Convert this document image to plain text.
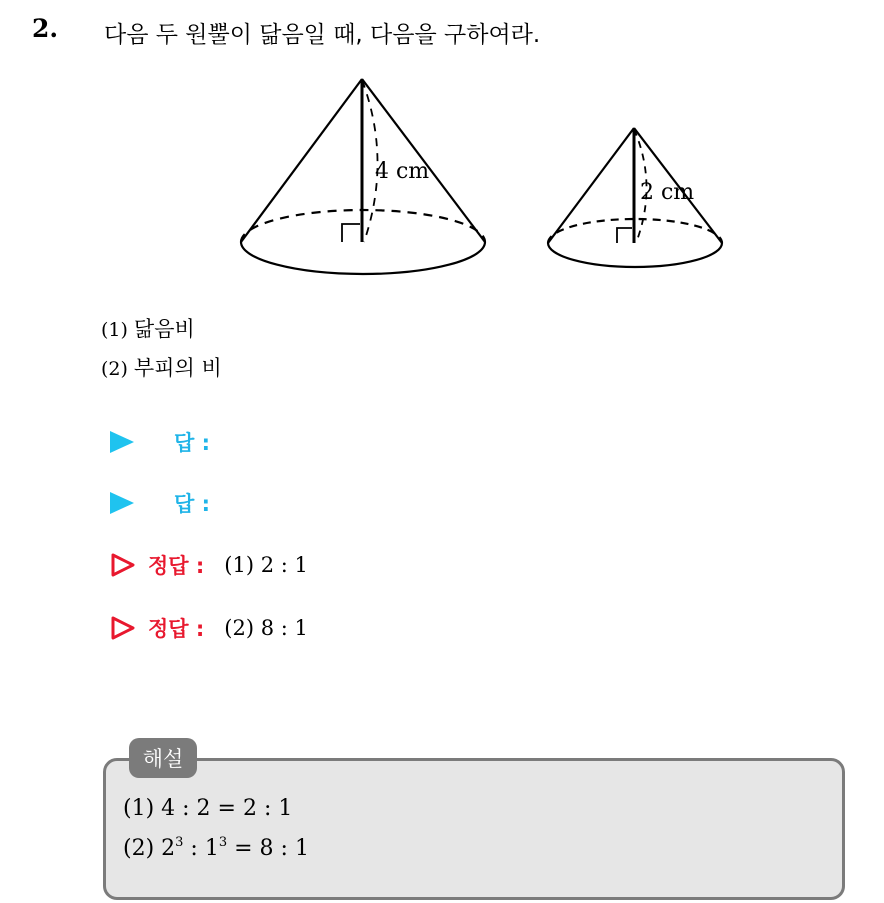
2. 다음 두 원뿔이 닮음일 때, 다음을 구하여라.
4 cm
2 cm
(1) 닮음비
(2) 부피의 비
답 :
답 :
정답 : (1) 2 : 1
정답 : (2) 8 : 1
해설
(1) 4 : 2 = 2 : 1
(2) $2^3$ : $1^3 = 8$ : 1
